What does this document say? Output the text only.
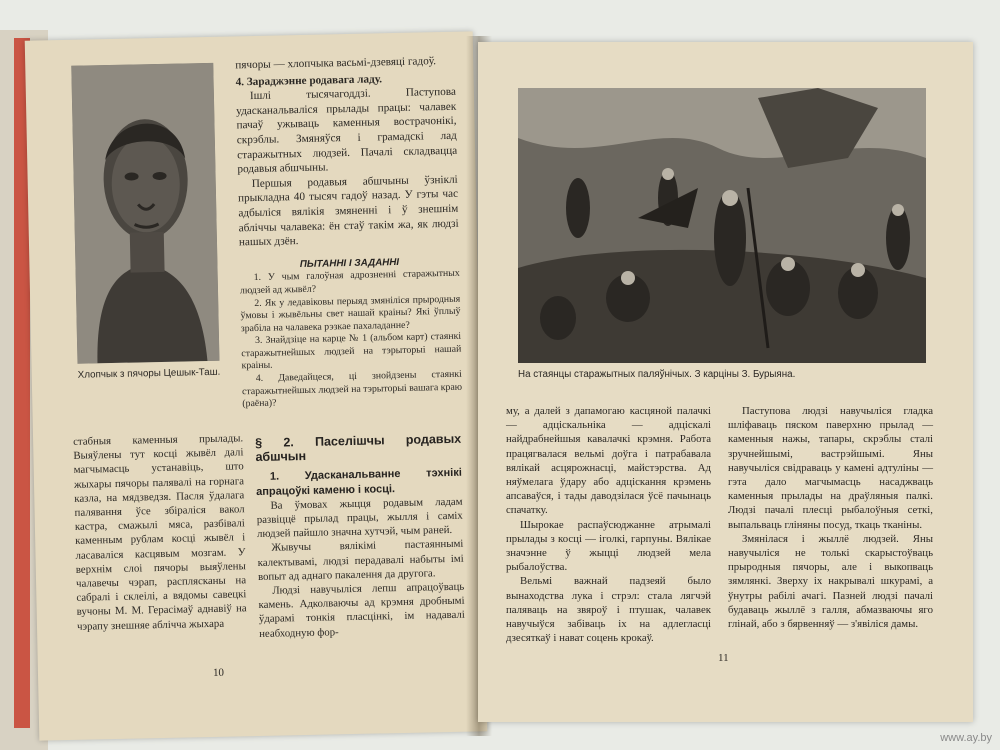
Хлопчык з пячоры Цешык-Таш.

пячоры — хлопчыка васьмі-дзевяці гадоў.

4. Зараджэнне родавага ладу.

Ішлі тысячагоддзі. Паступова удасканальваліся прылады працы: чалавек пачаў ужываць каменныя вострачонікі, скрэблы. Змяняўся і грамадскі лад старажытных людзей. Пачалі складвацца родавыя абшчыны.

Першыя родавыя абшчыны ўзніклі прыкладна 40 тысяч гадоў назад. У гэты час адбыліся вялікія змяненні і ў знешнім абліччы чалавека: ён стаў такім жа, як людзі нашых дзён.

ПЫТАННІ І ЗАДАННІ

1. У чым галоўная адрозненні старажытных людзей ад жывёл?

2. Як у ледавіковы перыяд змяніліся прыродныя ўмовы і жывёльны свет нашай краіны? Які ўплыў зрабіла на чалавека рэзкае пахаладанне?

3. Знайдзіце на карце № 1 (альбом карт) стаянкі старажытнейшых людзей на тэрыторыі нашай краіны.

4. Даведайцеся, ці знойдзены стаянкі старажытнейшых людзей на тэрыторыі вашага краю (раёна)?

стабныя каменныя прылады. Выяўлены тут косці жывёл далі магчымасць устанавіць, што жыхары пячоры палявалі на горнага казла, на мядзведзя. Пасля ўдалага палявання ўсе збіраліся вакол кастра, смажылі мяса, разбівалі каменным рублам косці жывёл і ласаваліся касцявым мозгам. У верхнім слоі пячоры выяўлены чалавечы чэрап, расплясканы на сабралі і склеілі, а вядомы савецкі вучоны М. М. Герасімаў аднавіў на чэрапу знешняе аблічча жыхара

§ 2. Паселішчы родавых абшчын

1. Удасканальванне тэхнікі апрацоўкі каменю і косці.

Ва ўмовах жыцця родавым ладам развіццё прылад працы, жылля і саміх людзей пайшло значна хутчэй, чым раней.

Жывучы вялікімі пастаяннымі калектывамі, людзі перадавалі набыты імі вопыт ад аднаго пакалення да другога.

Людзі навучыліся лепш апрацоўваць камень. Адколваючы ад крэмня дробнымі ўдарамі тонкія пласцінкі, ім надавалі неабходную фор-

10
На стаянцы старажытных паляўнічых. З карціны З. Бурыяна.

му, а далей з дапамогаю касцяной палачкі — адціскальніка — адціскалі найдрабнейшыя кавалачкі крэмня. Работа працягвалася вельмі доўга і патрабавала вялікай асцярожнасці, майстэрства. Ад няўмелага ўдару або адціскання крэмень апсаваўся, і тады даводзілася ўсё пачынаць спачатку.

Шырокае распаўсюджанне атрымалі прылады з косці — іголкі, гарпуны. Вялікае значэнне ў жыцці людзей мела рыбалоўства.

Вельмі важнай падзеяй было вынаходства лука і стрэл: стала лягчэй паляваць на звяроў і птушак, чалавек навучыўся забіваць іх на адлегласці дзесяткаў і нават соцень крокаў.

Паступова людзі навучыліся гладка шліфаваць пяском паверхню прылад — каменныя нажы, тапары, скрэблы сталі зручнейшымі, вастрэйшымі. Яны навучыліся свідраваць у камені адтуліны — гэта дало магчымасць насаджваць каменныя прылады на драўляныя палкі. Людзі пачалі плесці рыбалоўныя сеткі, выпальваць гліняны посуд, ткаць тканіны.

Змянілася і жыллё людзей. Яны навучыліся не толькі скарыстоўваць прыродныя пячоры, але і выкопваць зямлянкі. Зверху іх накрывалі шкурамі, а ўнутры рабілі ачагі. Пазней людзі пачалі будаваць жыллё з галля, абмазваючы яго глінай, або з бярвенняў — з'явіліся дамы.

11
www.ay.by
